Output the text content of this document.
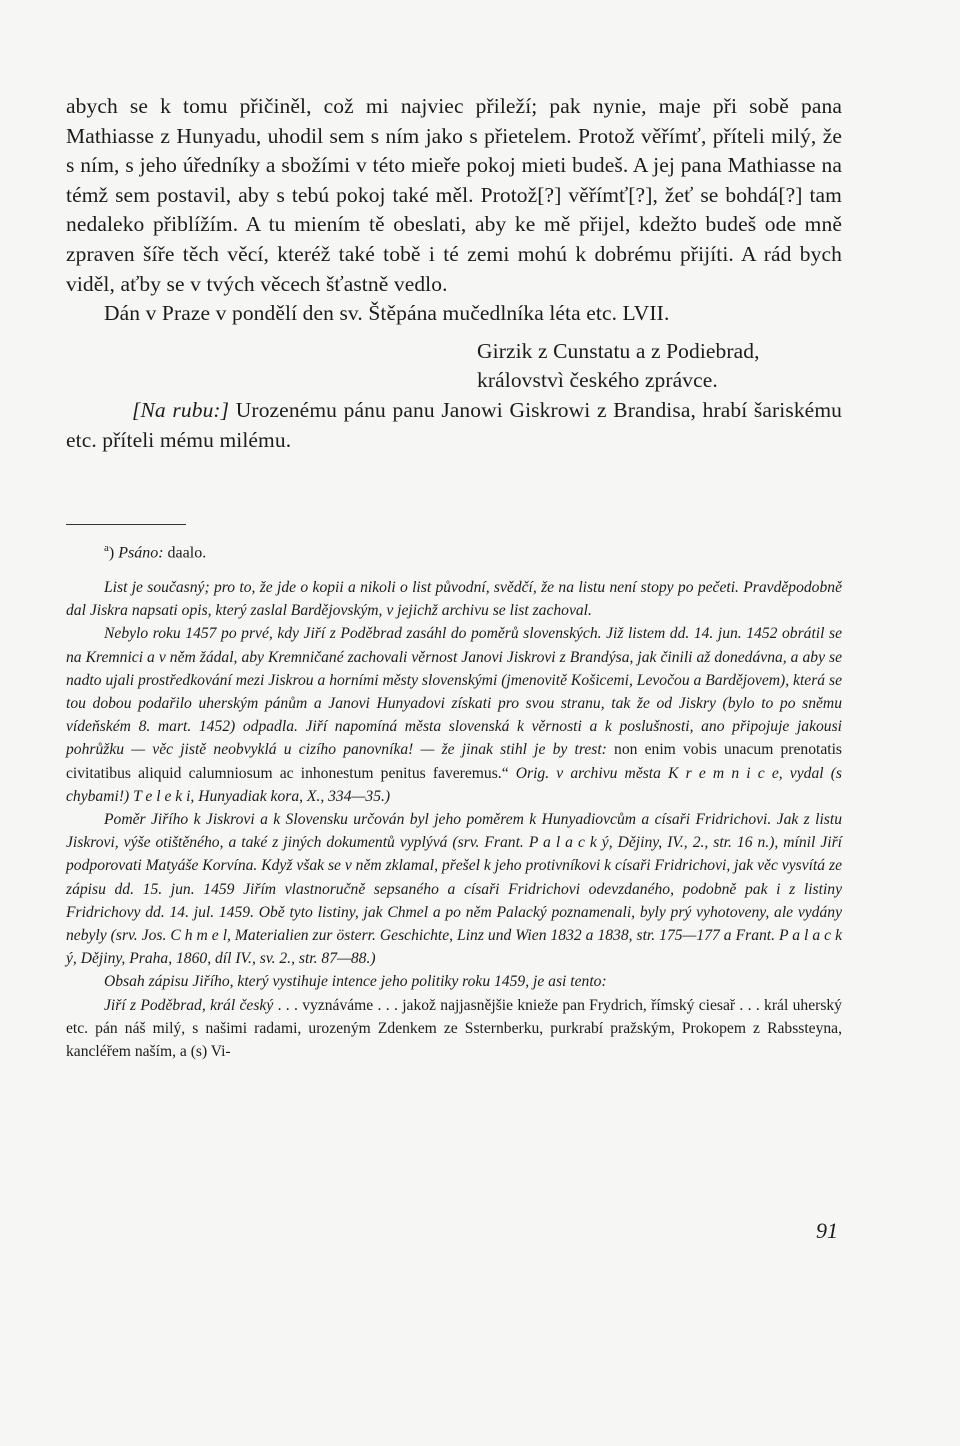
abych se k tomu přičiněl, což mi najviec přileží; pak nynie, maje při sobě pana Mathiasse z Hunyadu, uhodil sem s ním jako s přietelem. Protož věřímť, příteli milý, že s ním, s jeho úředníky a sbožími v této mieře pokoj mieti budeš. A jej pana Mathiasse na témž sem postavil, aby s tebú pokoj také měl. Protož[?] věřímť[?], žeť se bohdá[?] tam nedaleko přiblížím. A tu miením tě obeslati, aby ke mě přijel, kdežto budeš ode mně zpraven šíře těch věcí, kteréž také tobě i té zemi mohú k dobrému přijíti. A rád bych viděl, aťby se v tvých věcech šťastně vedlo.

Dán v Praze v pondělí den sv. Štěpána mučedlníka léta etc. LVII.

Girzik z Cunstatu a z Podiebrad,
královstvì českého zprávce.

[Na rubu:] Urozenému pánu panu Janowi Giskrowi z Brandisa, hrabí šariskému etc. příteli mému milému.

$^a$) Psáno: daalo.

List je současný; pro to, že jde o kopii a nikoli o list původní, svědčí, že na listu není stopy po pečeti. Pravděpodobně dal Jiskra napsati opis, který zaslal Bardějovským, v jejichž archivu se list zachoval.

Nebylo roku 1457 po prvé, kdy Jiří z Poděbrad zasáhl do poměrů slovenských. Již listem dd. 14. jun. 1452 obrátil se na Kremnici a v něm žádal, aby Kremničané zachovali věrnost Janovi Jiskrovi z Brandýsa, jak činili až donedávna, a aby se nadto ujali prostředkování mezi Jiskrou a horními městy slovenskými (jmenovitě Košicemi, Levočou a Bardějovem), která se tou dobou podařilo uherským pánům a Janovi Hunyadovi získati pro svou stranu, tak že od Jiskry (bylo to po sněmu vídeňském 8. mart. 1452) odpadla. Jiří napomíná města slovenská k věrnosti a k poslušnosti, ano připojuje jakousi pohrůžku — věc jistě neobvyklá u cizího panovníka! — že jinak stihl je by trest: non enim vobis unacum prenotatis civitatibus aliquid calumniosum ac inhonestum penitus faveremus.“ Orig. v archivu města K r e m n i c e, vydal (s chybami!) T e l e k i, Hunyadiak kora, X., 334—35.)

Poměr Jiřího k Jiskrovi a k Slovensku určován byl jeho poměrem k Hunyadiovcům a císaři Fridrichovi. Jak z listu Jiskrovi, výše otištěného, a také z jiných dokumentů vyplývá (srv. Frant. P a l a c k ý, Dějiny, IV., 2., str. 16 n.), mínil Jiří podporovati Matyáše Korvína. Když však se v něm zklamal, přešel k jeho protivníkovi k císaři Fridrichovi, jak věc vysvítá ze zápisu dd. 15. jun. 1459 Jiřím vlastnoručně sepsaného a císaři Fridrichovi odevzdaného, podobně pak i z listiny Fridrichovy dd. 14. jul. 1459. Obě tyto listiny, jak Chmel a po něm Palacký poznamenali, byly prý vyhotoveny, ale vydány nebyly (srv. Jos. C h m e l, Materialien zur österr. Geschichte, Linz und Wien 1832 a 1838, str. 175—177 a Frant. P a l a c k ý, Dějiny, Praha, 1860, díl IV., sv. 2., str. 87—88.)

Obsah zápisu Jiřího, který vystihuje intence jeho politiky roku 1459, je asi tento:

Jiří z Poděbrad, král český . . . vyznáváme . . . jakož najjasnějšie knieže pan Frydrich, římský ciesař . . . král uherský etc. pán náš milý, s našimi radami, urozeným Zdenkem ze Ssternberku, purkrabí pražským, Prokopem z Rabssteyna, kancléřem naším, a (s) Vi-

91
